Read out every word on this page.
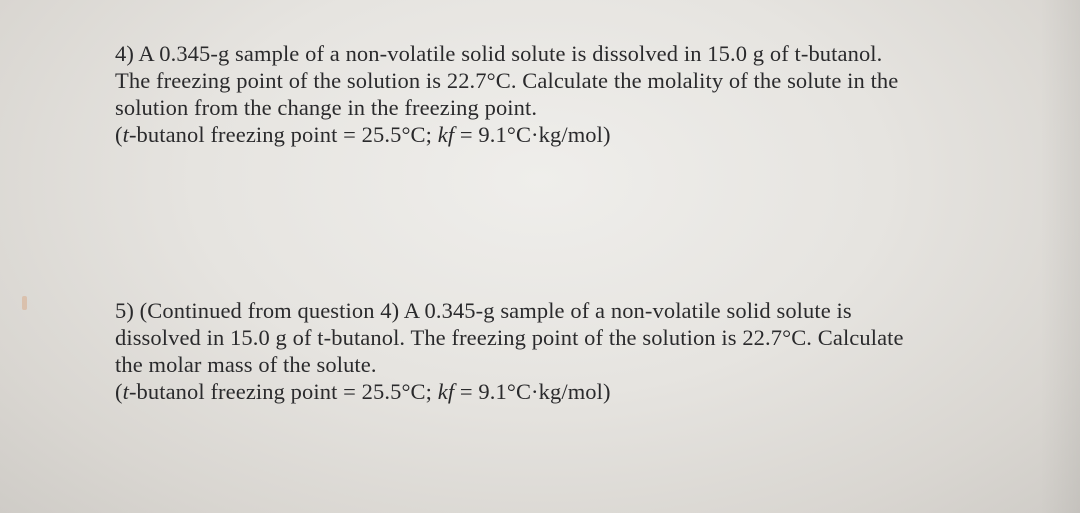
4) A 0.345-g sample of a non-volatile solid solute is dissolved in 15.0 g of t-butanol.
The freezing point of the solution is 22.7°C. Calculate the molality of the solute in the
solution from the change in the freezing point.
(t-butanol freezing point = 25.5°C; kf = 9.1°C·kg/mol)
5) (Continued from question 4) A 0.345-g sample of a non-volatile solid solute is
dissolved in 15.0 g of t-butanol. The freezing point of the solution is 22.7°C. Calculate
the molar mass of the solute.
(t-butanol freezing point = 25.5°C; kf = 9.1°C·kg/mol)
